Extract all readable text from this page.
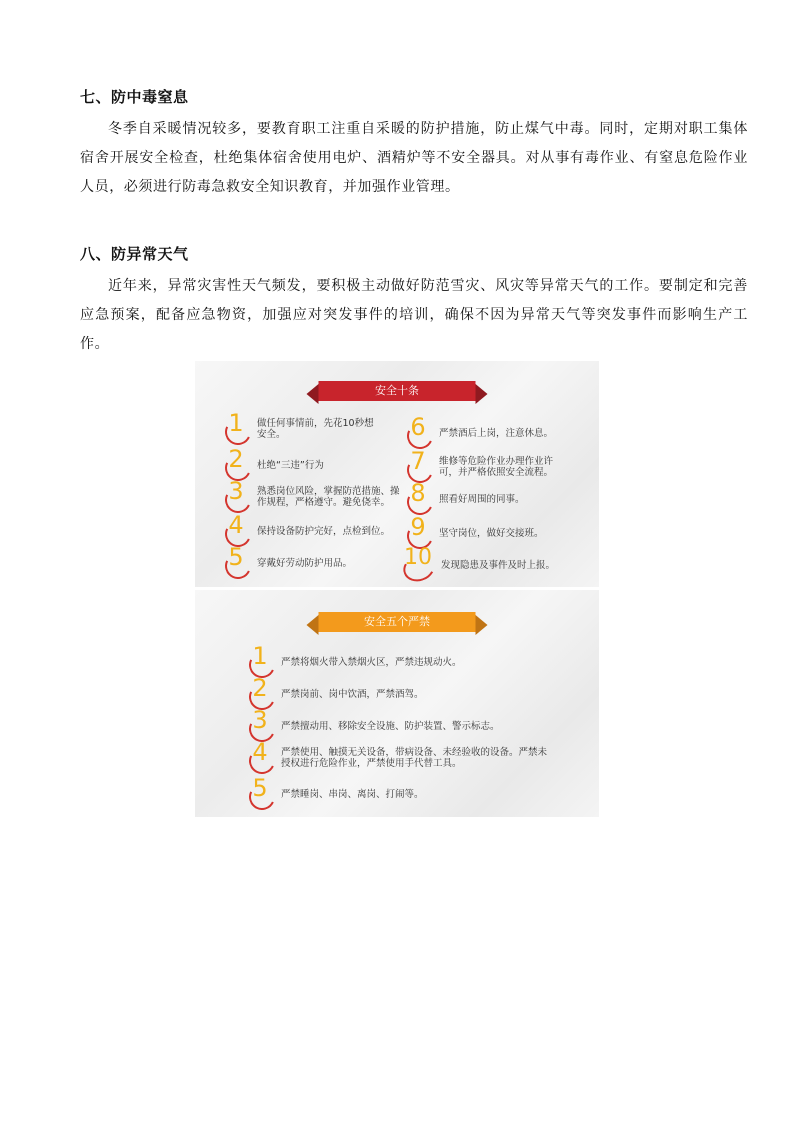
七、防中毒窒息

冬季自采暖情况较多，要教育职工注重自采暖的防护措施，防止煤气中毒。同时，定期对职工集体宿舍开展安全检查，杜绝集体宿舍使用电炉、酒精炉等不安全器具。对从事有毒作业、有窒息危险作业人员，必须进行防毒急救安全知识教育，并加强作业管理。

八、防异常天气

近年来，异常灾害性天气频发，要积极主动做好防范雪灾、风灾等异常天气的工作。要制定和完善应急预案，配备应急物资，加强应对突发事件的培训，确保不因为异常天气等突发事件而影响生产工作。

安全十条
1	做任何事情前，先花10秒想安全。
2	杜绝“三违”行为
3	熟悉岗位风险，掌握防范措施、操作规程，严格遵守。避免侥幸。
4	保持设备防护完好，点检到位。
5	穿戴好劳动防护用品。
6	严禁酒后上岗，注意休息。
7	维修等危险作业办理作业许可，并严格依照安全流程。
8	照看好周围的同事。
9	坚守岗位，做好交接班。
10 发现隐患及事件及时上报。
安全五个严禁
1	严禁将烟火带入禁烟火区，严禁违规动火。
2	严禁岗前、岗中饮酒，严禁酒驾。
3	严禁擅动用、移除安全设施、防护装置、警示标志。
4	严禁使用、触摸无关设备，带病设备、未经验收的设备。严禁未授权进行危险作业，严禁使用手代替工具。
5	严禁睡岗、串岗、离岗、打闹等。
